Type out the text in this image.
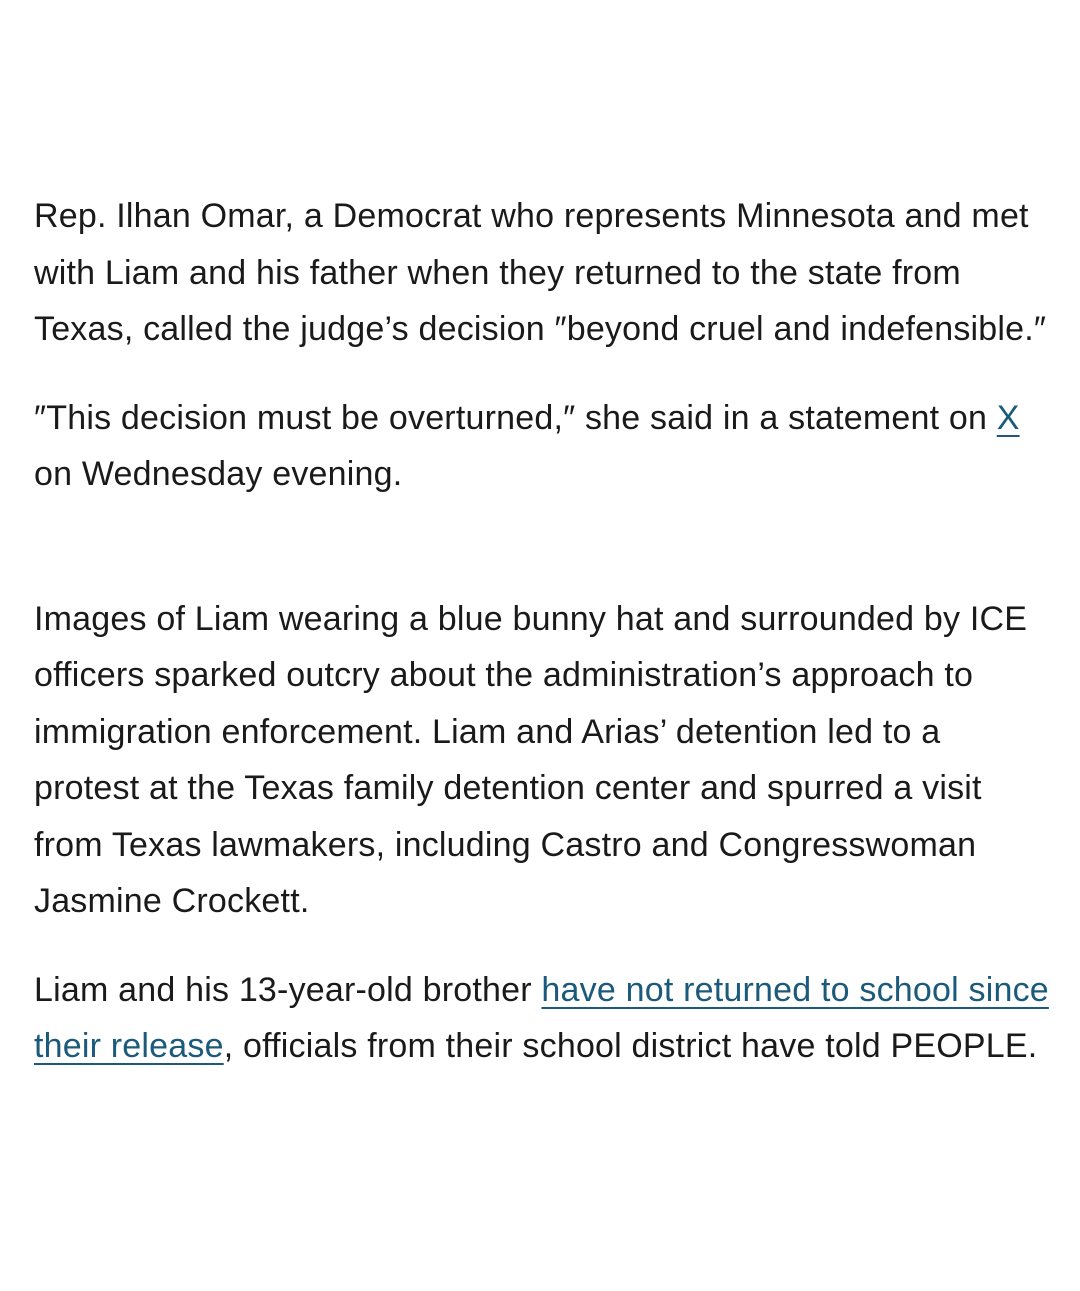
Rep. Ilhan Omar, a Democrat who represents Minnesota and met with Liam and his father when they returned to the state from Texas, called the judge’s decision ″beyond cruel and indefensible.″

″This decision must be overturned,″ she said in a statement on X on Wednesday evening.

Images of Liam wearing a blue bunny hat and surrounded by ICE officers sparked outcry about the administration’s approach to immigration enforcement. Liam and Arias’ detention led to a protest at the Texas family detention center and spurred a visit from Texas lawmakers, including Castro and Congresswoman Jasmine Crockett.

Liam and his 13-year-old brother have not returned to school since their release, officials from their school district have told PEOPLE.
